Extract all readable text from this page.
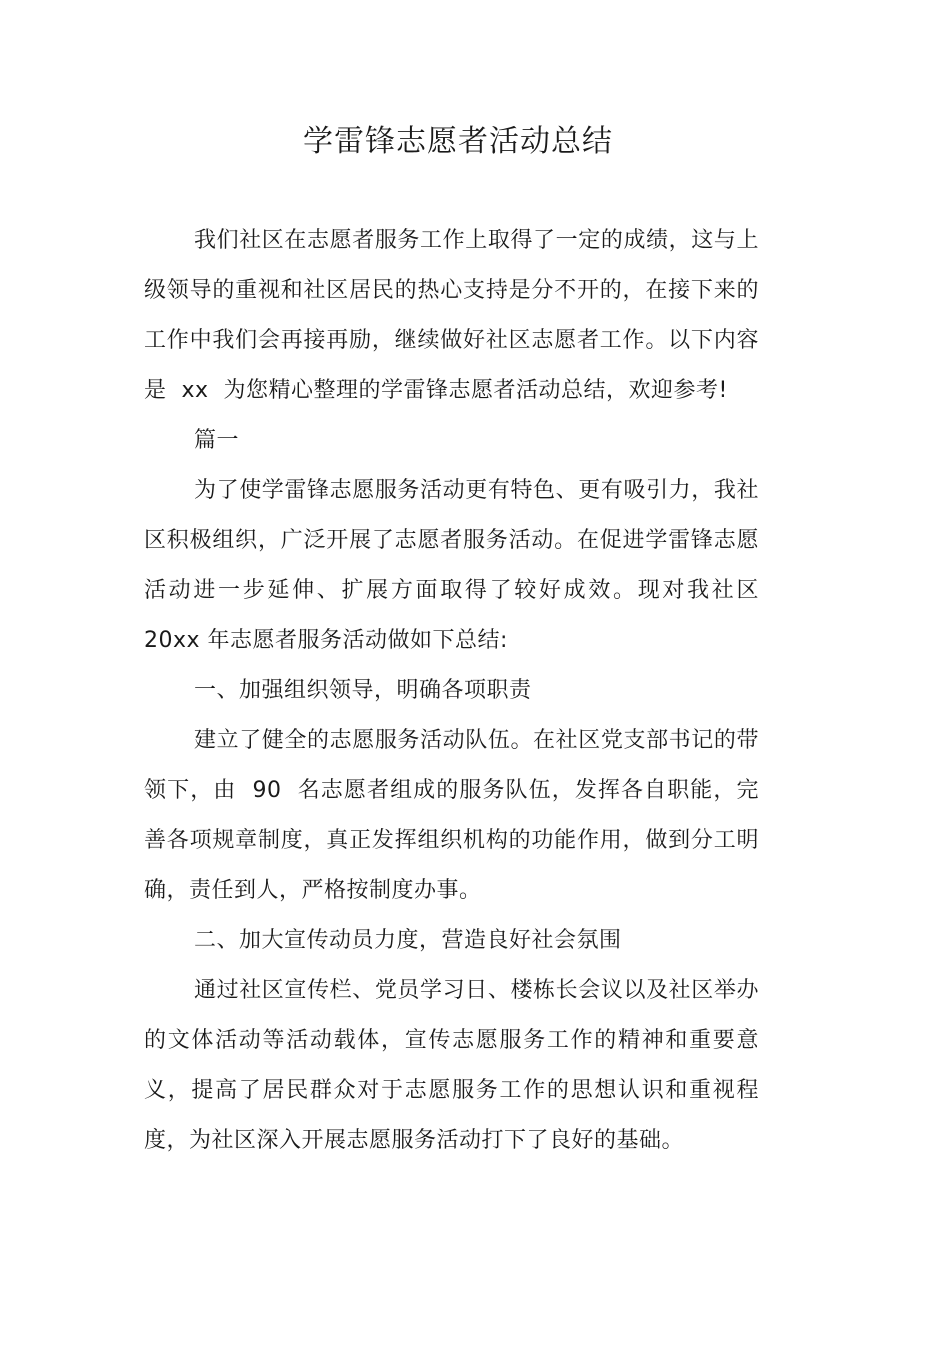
学雷锋志愿者活动总结

我们社区在志愿者服务工作上取得了一定的成绩，这与上级领导的重视和社区居民的热心支持是分不开的，在接下来的工作中我们会再接再励，继续做好社区志愿者工作。以下内容是  xx  为您精心整理的学雷锋志愿者活动总结，欢迎参考!

篇一

为了使学雷锋志愿服务活动更有特色、更有吸引力，我社区积极组织，广泛开展了志愿者服务活动。在促进学雷锋志愿活动进一步延伸、扩展方面取得了较好成效。现对我社区 20xx 年志愿者服务活动做如下总结:

一、加强组织领导，明确各项职责

建立了健全的志愿服务活动队伍。在社区党支部书记的带领下，由  90  名志愿者组成的服务队伍，发挥各自职能，完善各项规章制度，真正发挥组织机构的功能作用，做到分工明确，责任到人，严格按制度办事。

二、加大宣传动员力度，营造良好社会氛围

通过社区宣传栏、党员学习日、楼栋长会议以及社区举办的文体活动等活动载体，宣传志愿服务工作的精神和重要意义，提高了居民群众对于志愿服务工作的思想认识和重视程度，为社区深入开展志愿服务活动打下了良好的基础。
